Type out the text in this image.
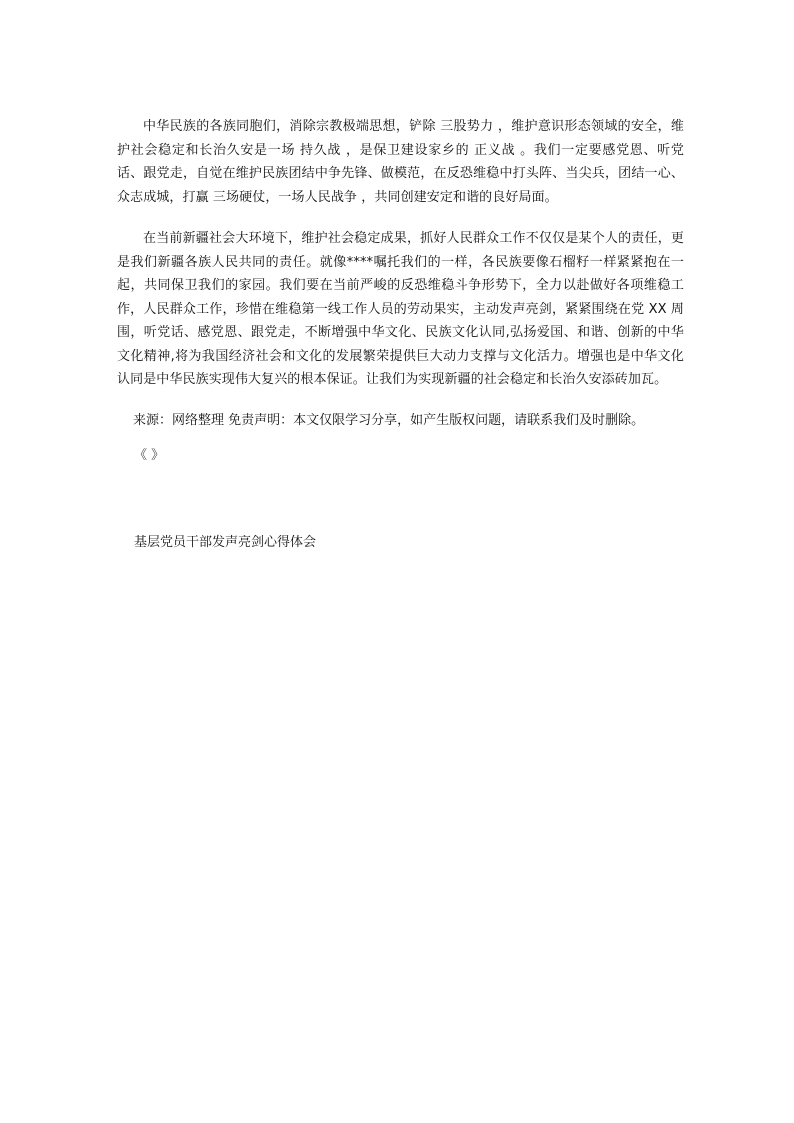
中华民族的各族同胞们，消除宗教极端思想，铲除 三股势力 ，维护意识形态领域的安全，维护社会稳定和长治久安是一场 持久战 ，是保卫建设家乡的 正义战 。我们一定要感党恩、听党话、跟党走，自觉在维护民族团结中争先锋、做模范，在反恐维稳中打头阵、当尖兵，团结一心、众志成城，打赢 三场硬仗，一场人民战争 ，共同创建安定和谐的良好局面。

在当前新疆社会大环境下，维护社会稳定成果，抓好人民群众工作不仅仅是某个人的责任，更是我们新疆各族人民共同的责任。就像****嘱托我们的一样，各民族要像石榴籽一样紧紧抱在一起，共同保卫我们的家园。我们要在当前严峻的反恐维稳斗争形势下，全力以赴做好各项维稳工作，人民群众工作，珍惜在维稳第一线工作人员的劳动果实，主动发声亮剑，紧紧围绕在党 XX 周围，听党话、感党恩、跟党走，不断增强中华文化、民族文化认同,弘扬爱国、和谐、创新的中华文化精神,将为我国经济社会和文化的发展繁荣提供巨大动力支撑与文化活力。增强也是中华文化认同是中华民族实现伟大复兴的根本保证。让我们为实现新疆的社会稳定和长治久安添砖加瓦。

来源：网络整理 免责声明：本文仅限学习分享，如产生版权问题，请联系我们及时删除。

《 》

基层党员干部发声亮剑心得体会
